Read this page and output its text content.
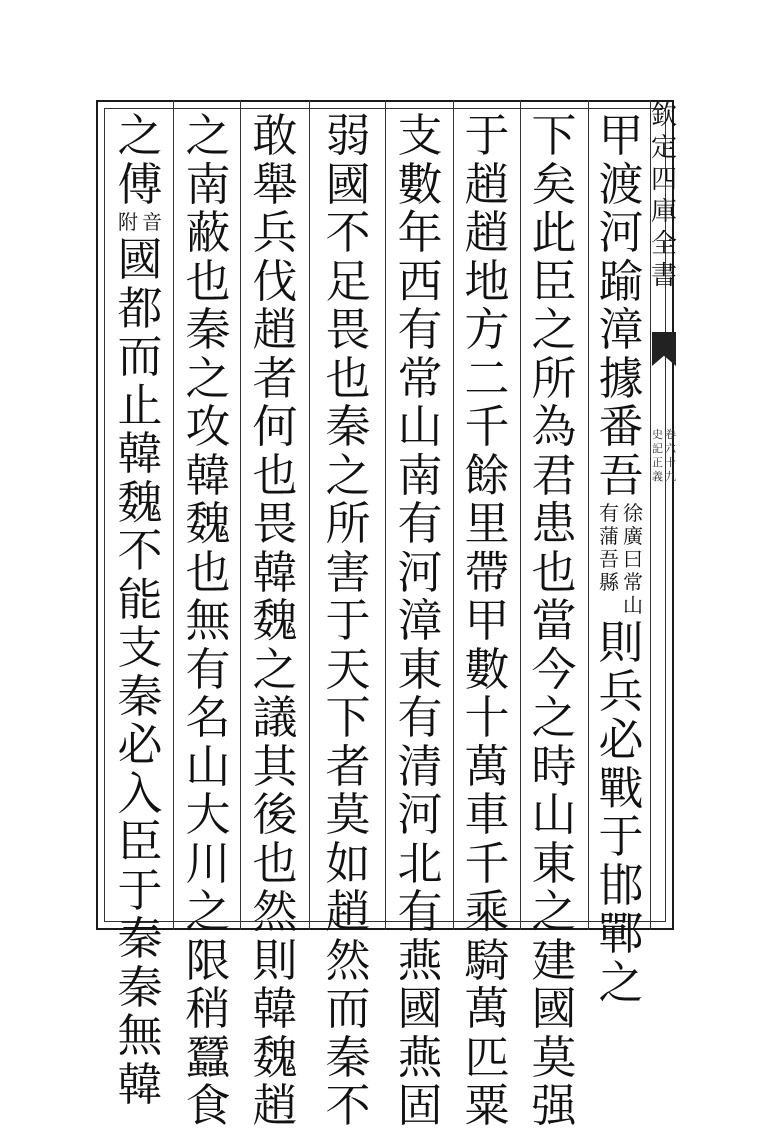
欽
定
四
庫
全
書
卷
六
十
九
史
記
正
義
甲
渡
河
踰
漳
據
番
吾
徐
廣
曰
常
山
有
蒲
吾
縣
則
兵
必
戰
于
邯
鄲
之
下
矣
此
臣
之
所
為
君
患
也
當
今
之
時
山
東
之
建
國
莫
强
于
趙
趙
地
方
二
千
餘
里
帶
甲
數
十
萬
車
千
乘
騎
萬
匹
粟
支
數
年
西
有
常
山
南
有
河
漳
東
有
清
河
北
有
燕
國
燕
固
弱
國
不
足
畏
也
秦
之
所
害
于
天
下
者
莫
如
趙
然
而
秦
不
敢
舉
兵
伐
趙
者
何
也
畏
韓
魏
之
議
其
後
也
然
則
韓
魏
趙
之
南
蔽
也
秦
之
攻
韓
魏
也
無
有
名
山
大
川
之
限
稍
蠶
食
之
傅
音
附
國
都
而
止
韓
魏
不
能
支
秦
必
入
臣
于
秦
秦
無
韓
